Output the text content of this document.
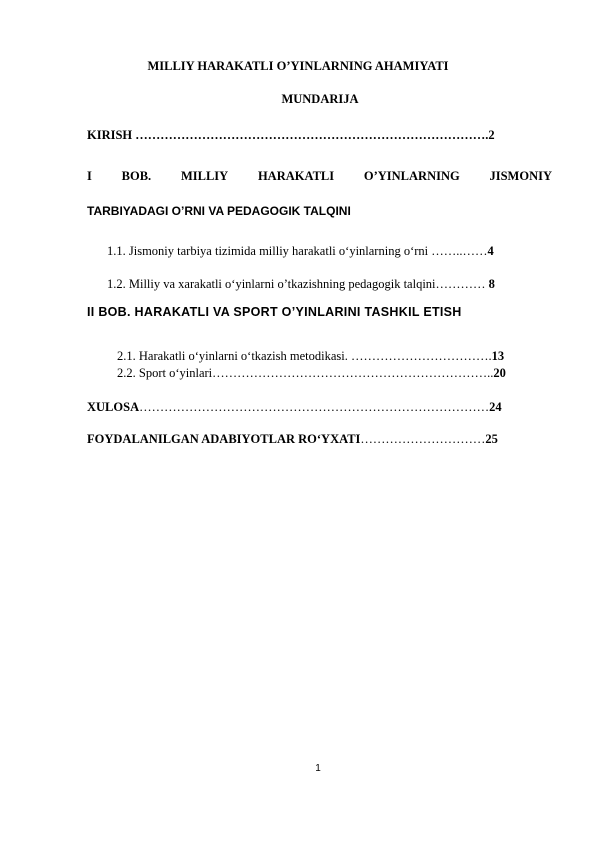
MILLIY HARAKATLI O’YINLARNING AHAMIYATI
MUNDARIJA
KIRISH ………………………………………………………………………….2
I BOB. MILLIY HARAKATLI O’YINLARNING JISMONIY
TARBIYADAGI O’RNI VA PEDAGOGIK TALQINI
1.1. Jismoniy tarbiya tizimida milliy harakatli o‘yinlarning o‘rni ……..……4
1.2. Milliy va xarakatli o‘yinlarni o’tkazishning pedagogik talqini………… 8
II BOB. HARAKATLI VA SPORT O’YINLARINI TASHKIL ETISH
2.1. Harakatli o‘yinlarni o‘tkazish metodikasi. …………………………….13
2.2. Sport o‘yinlari…………………………………………………………..20
XULOSA…………………………………………………………………………24
FOYDALANILGAN ADABIYOTLAR RO‘YXATI…………………………25
1
